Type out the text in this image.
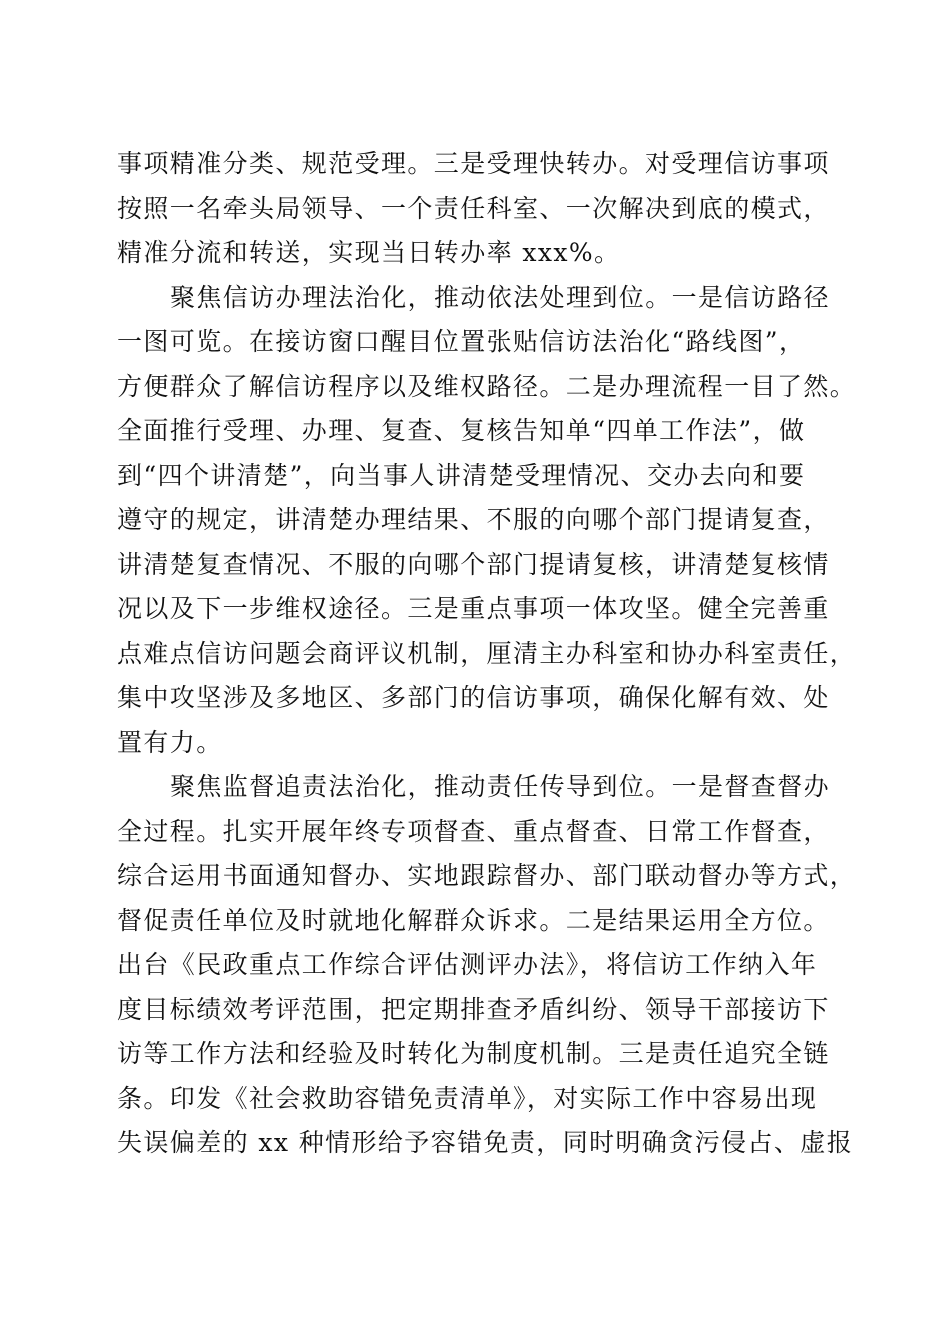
事项精准分类、规范受理。三是受理快转办。对受理信访事项
按照一名牵头局领导、一个责任科室、一次解决到底的模式，
精准分流和转送，实现当日转办率 xxx%。
聚焦信访办理法治化，推动依法处理到位。一是信访路径
一图可览。在接访窗口醒目位置张贴信访法治化“路线图”，
方便群众了解信访程序以及维权路径。二是办理流程一目了然。
全面推行受理、办理、复查、复核告知单“四单工作法”，做
到“四个讲清楚”，向当事人讲清楚受理情况、交办去向和要
遵守的规定，讲清楚办理结果、不服的向哪个部门提请复查，
讲清楚复查情况、不服的向哪个部门提请复核，讲清楚复核情
况以及下一步维权途径。三是重点事项一体攻坚。健全完善重
点难点信访问题会商评议机制，厘清主办科室和协办科室责任，
集中攻坚涉及多地区、多部门的信访事项，确保化解有效、处
置有力。
聚焦监督追责法治化，推动责任传导到位。一是督查督办
全过程。扎实开展年终专项督查、重点督查、日常工作督查，
综合运用书面通知督办、实地跟踪督办、部门联动督办等方式，
督促责任单位及时就地化解群众诉求。二是结果运用全方位。
出台《民政重点工作综合评估测评办法》，将信访工作纳入年
度目标绩效考评范围，把定期排查矛盾纠纷、领导干部接访下
访等工作方法和经验及时转化为制度机制。三是责任追究全链
条。印发《社会救助容错免责清单》，对实际工作中容易出现
失误偏差的 xx 种情形给予容错免责，同时明确贪污侵占、虚报
